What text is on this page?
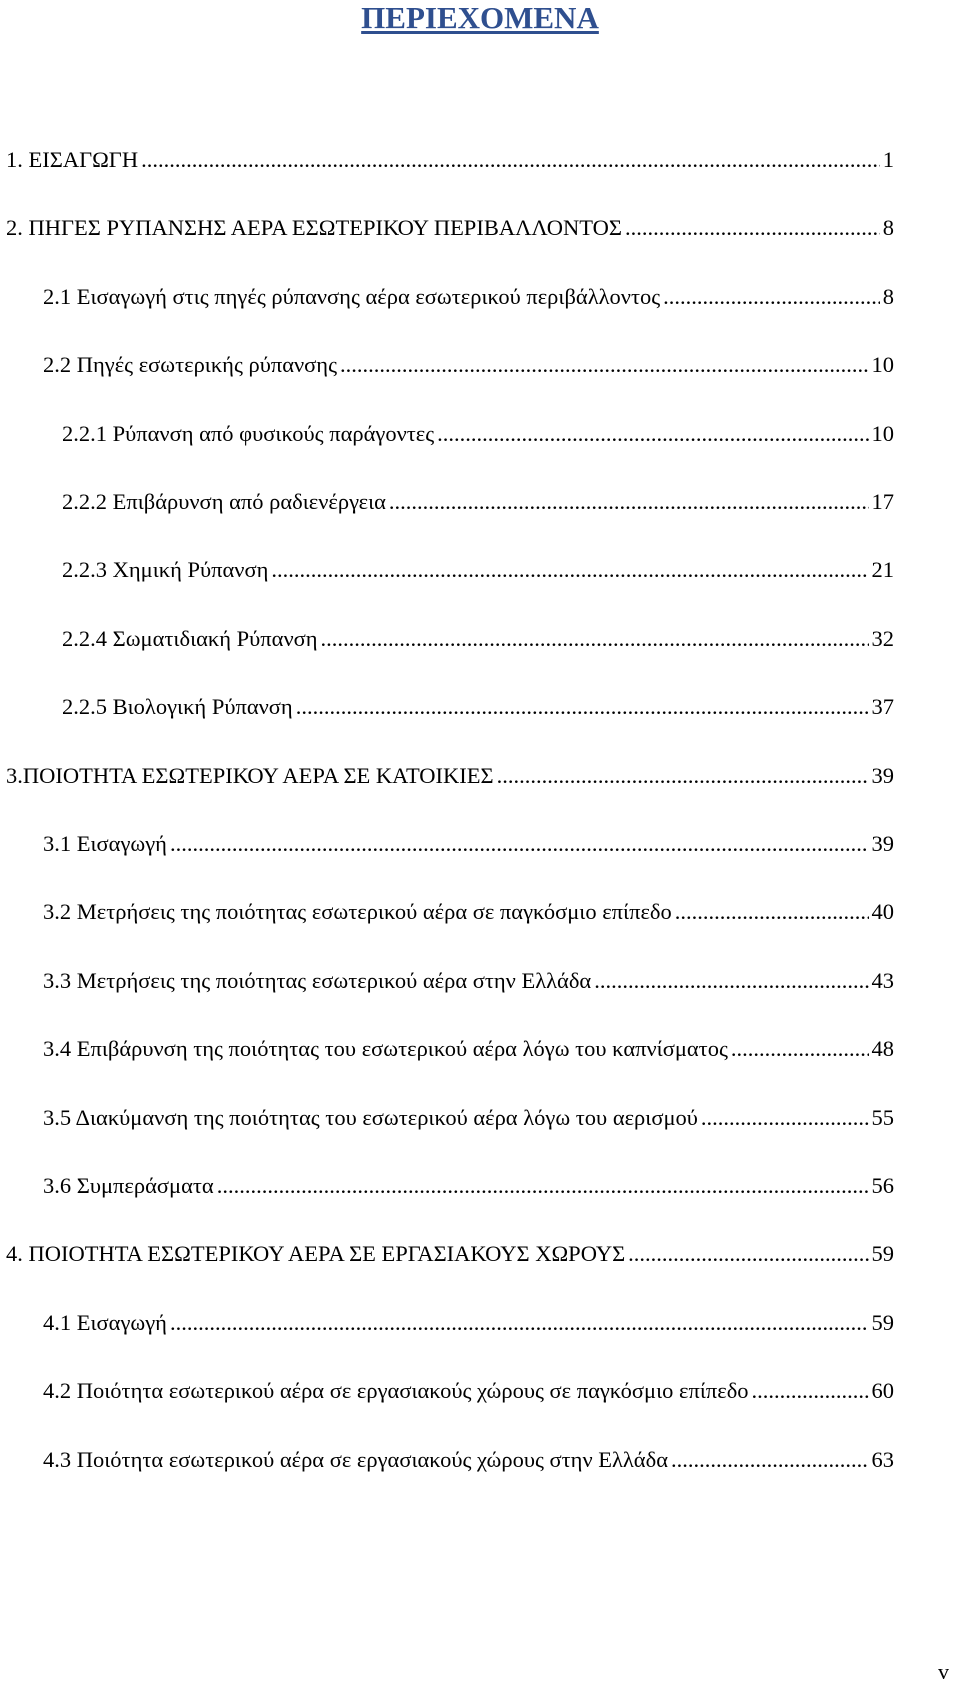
ΠΕΡΙΕΧΟΜΕΝΑ
1. ΕΙΣΑΓΩΓΗ .....	1
2. ΠΗΓΕΣ ΡΥΠΑΝΣΗΣ ΑΕΡΑ ΕΣΩΤΕΡΙΚΟΥ ΠΕΡΙΒΑΛΛΟΝΤΟΣ .....	8
2.1 Εισαγωγή στις πηγές ρύπανσης αέρα εσωτερικού περιβάλλοντος .....	8
2.2 Πηγές εσωτερικής ρύπανσης .....	10
2.2.1 Ρύπανση από φυσικούς παράγοντες .....	10
2.2.2 Επιβάρυνση από ραδιενέργεια .....	17
2.2.3 Χημική Ρύπανση .....	21
2.2.4 Σωματιδιακή Ρύπανση .....	32
2.2.5 Βιολογική Ρύπανση .....	37
3.ΠΟΙΟΤΗΤΑ ΕΣΩΤΕΡΙΚΟΥ ΑΕΡΑ ΣΕ ΚΑΤΟΙΚΙΕΣ .....	39
3.1 Εισαγωγή .....	39
3.2 Μετρήσεις της ποιότητας εσωτερικού αέρα σε παγκόσμιο επίπεδο .....	40
3.3 Μετρήσεις της ποιότητας εσωτερικού αέρα στην Ελλάδα .....	43
3.4 Επιβάρυνση της ποιότητας του εσωτερικού αέρα λόγω του καπνίσματος .....	48
3.5 Διακύμανση της ποιότητας του εσωτερικού αέρα λόγω του αερισμού .....	55
3.6 Συμπεράσματα .....	56
4. ΠΟΙΟΤΗΤΑ ΕΣΩΤΕΡΙΚΟΥ ΑΕΡΑ ΣΕ ΕΡΓΑΣΙΑΚΟΥΣ ΧΩΡΟΥΣ .....	59
4.1 Εισαγωγή .....	59
4.2 Ποιότητα εσωτερικού αέρα σε εργασιακούς χώρους σε παγκόσμιο επίπεδο .....	60
4.3 Ποιότητα εσωτερικού αέρα σε εργασιακούς χώρους στην Ελλάδα .....	63

v
